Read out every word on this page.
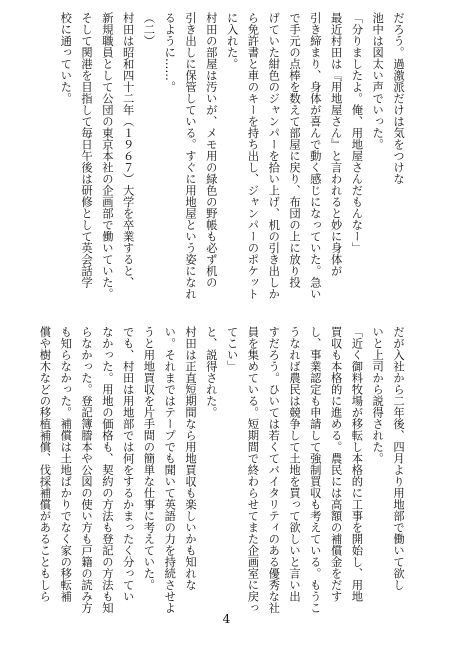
だろう。過激派だけは気をつけな
池中は図太い声でいった。
「分りましたよ。俺、用地屋さんだもんなー」
最近村田は『用地屋さん』と言われると妙に身体が
引き締まり、身体が喜んで動く感じになっていた。急い
で手元の点棒を数えて部屋に戻り、布団の上に放り投
げていた紺色のジャンパーを拾い上げ、机の引き出しか
ら免許書と車のキーを持ち出し、ジャンパーのポケット
に入れた。
村田の部屋は汚いが、メモ用の緑色の野帳も必ず机の
引き出しに保管している。すぐに用地屋という姿になれ
るように……。
（二）
村田は昭和四十二年（１９６７）大学を卒業すると、
新規職員として公団の東京本社の企画部で働いていた。
そして関港を目指して毎日午後は研修として英会話学
校に通っていた。
だが入社から二年後、四月より用地部で働いて欲し
いと上司から説得された。
「近く御料牧場が移転し本格的に工事を開始し、用地
買収も本格的に進める。農民には高額の補償金をだす
し、事業認定も申請して強制買収も考えている。もうこ
うなれば農民は競争して土地を買って欲しいと言い出
すだろう。ひいては若くてバイタリティのある優秀な社
員を集めている。短期間で終わらせてまた企画室に戻っ
てこい」
と、説得された。
村田は正直短期間なら用地買収も楽しいかも知れな
い。それまではテープでも聞いて英語の力を持続させよ
うと用地買収を片手間の簡単な仕事に考えていた。
でも、村田は用地部では何をするかまったく分ってい
なかった。用地の価格も、契約の方法も登記の方法も知
らなかった。登記簿謄本や公図の使い方も戸籍の読み方
も知らなかった。補償は土地ばかりでなく家の移転補
償や樹木などの移植補償、伐採補償があることもしら
4
